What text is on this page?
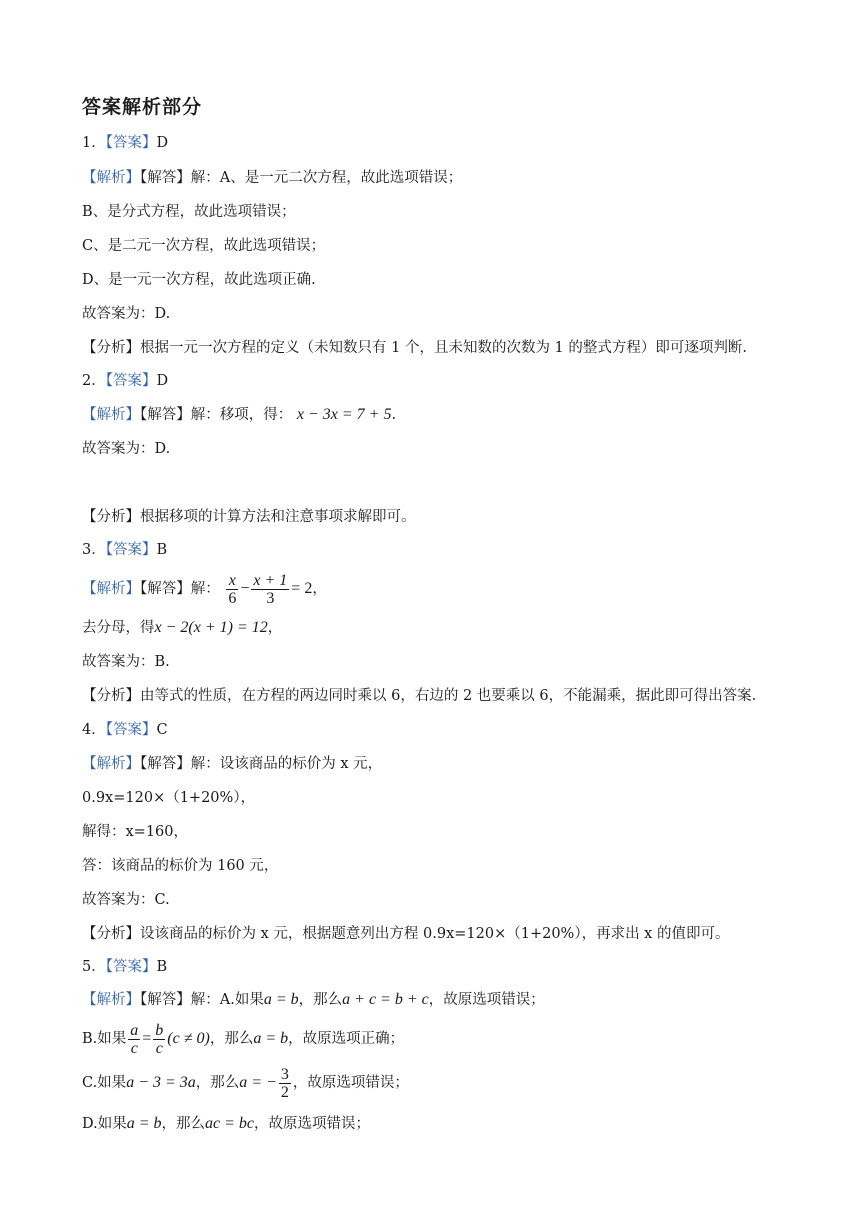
答案解析部分
1．【答案】D
【解析】【解答】解：A、是一元二次方程，故此选项错误；
B、是分式方程，故此选项错误；
C、是二元一次方程，故此选项错误；
D、是一元一次方程，故此选项正确.
故答案为：D.
【分析】根据一元一次方程的定义（未知数只有 1 个，且未知数的次数为 1 的整式方程）即可逐项判断.
2．【答案】D
【解析】【解答】解：移项，得： x − 3x = 7 + 5.
故答案为：D.
【分析】根据移项的计算方法和注意事项求解即可。
3．【答案】B
【解析】【解答】解： $\frac{x}{6} - \frac{x + 1}{3} = 2$，
去分母，得x − 2(x + 1) = 12，
故答案为：B.
【分析】由等式的性质，在方程的两边同时乘以 6，右边的 2 也要乘以 6，不能漏乘，据此即可得出答案.
4．【答案】C
【解析】【解答】解：设该商品的标价为 x 元，
0.9x=120×（1+20%），
解得：x=160，
答：该商品的标价为 160 元，
故答案为：C.
【分析】设该商品的标价为 x 元，根据题意列出方程 0.9x=120×（1+20%），再求出 x 的值即可。
5．【答案】B
【解析】【解答】解：A.如果a = b，那么a + c = b + c，故原选项错误；
B.如果 $\frac{a}{c} = \frac{b}{c} (c \ne 0)$，那么a = b，故原选项正确；
C.如果a − 3 = 3a，那么a = − $\frac{3}{2}$ ，故原选项错误；
D.如果a = b，那么ac = bc，故原选项错误；
